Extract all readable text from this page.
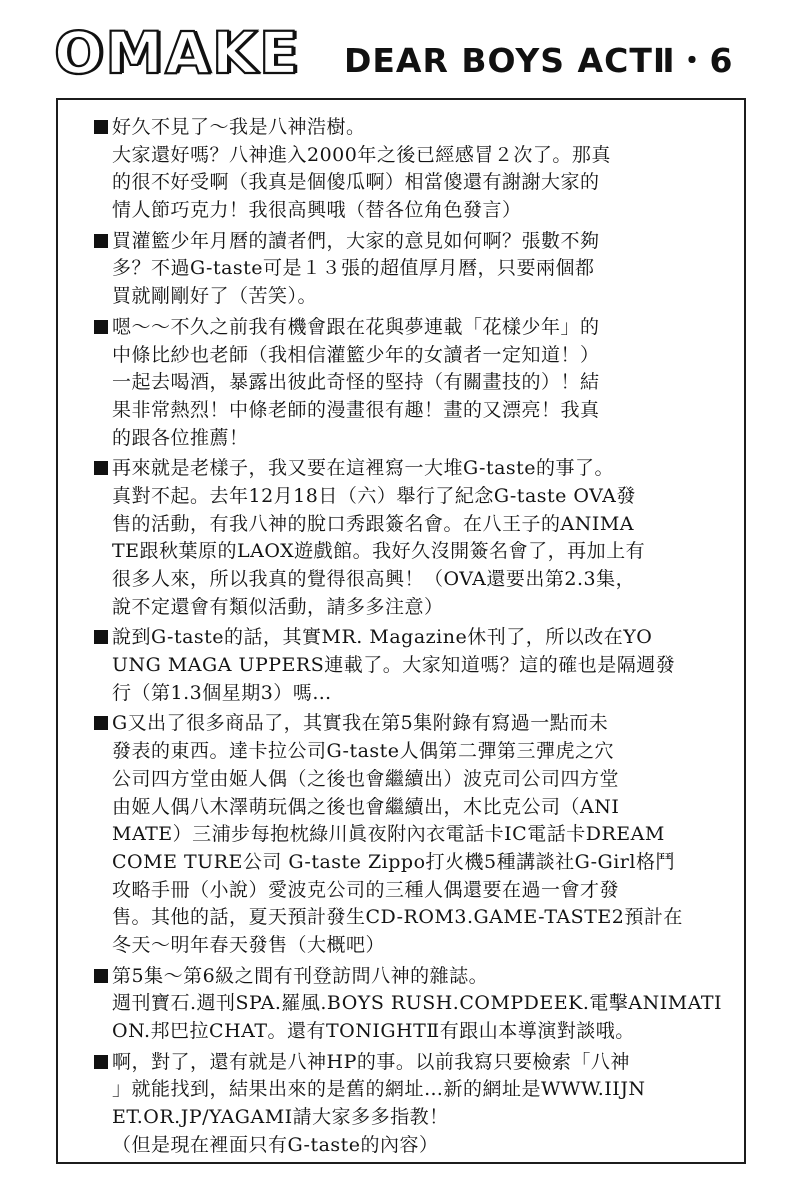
OMAKE DEAR BOYS ACTⅡ・6
好久不見了～我是八神浩樹。
大家還好嗎？八神進入2000年之後已經感冒２次了。那真
的很不好受啊（我真是個傻瓜啊）相當傻還有謝謝大家的
情人節巧克力！我很高興哦（替各位角色發言）
買灌籃少年月曆的讀者們，大家的意見如何啊？張數不夠
多？不過G-taste可是１３張的超值厚月曆，只要兩個都
買就剛剛好了（苦笑）。
嗯～～不久之前我有機會跟在花與夢連載「花樣少年」的
中條比紗也老師（我相信灌籃少年的女讀者一定知道！）
一起去喝酒，暴露出彼此奇怪的堅持（有關畫技的）！結
果非常熱烈！中條老師的漫畫很有趣！畫的又漂亮！我真
的跟各位推薦！
再來就是老樣子，我又要在這裡寫一大堆G-taste的事了。
真對不起。去年12月18日（六）舉行了紀念G-taste OVA發
售的活動，有我八神的脫口秀跟簽名會。在八王子的ANIMA
TE跟秋葉原的LAOX遊戲館。我好久沒開簽名會了，再加上有
很多人來，所以我真的覺得很高興！（OVA還要出第2.3集，
說不定還會有類似活動，請多多注意）
說到G-taste的話，其實MR. Magazine休刊了，所以改在YO
UNG MAGA UPPERS連載了。大家知道嗎？這的確也是隔週發
行（第1.3個星期3）嗎…
G又出了很多商品了，其實我在第5集附錄有寫過一點而未
發表的東西。達卡拉公司G-taste人偶第二彈第三彈虎之穴
公司四方堂由姬人偶（之後也會繼續出）波克司公司四方堂
由姬人偶八木澤萌玩偶之後也會繼續出，木比克公司（ANI
MATE）三浦步每抱枕綠川眞夜附內衣電話卡IC電話卡DREAM
COME TURE公司 G-taste Zippo打火機5種講談社G-Girl格鬥
攻略手冊（小說）愛波克公司的三種人偶還要在過一會才發
售。其他的話，夏天預計發生CD-ROM3.GAME-TASTE2預計在
冬天～明年春天發售（大概吧）
第5集～第6級之間有刊登訪問八神的雜誌。
週刊寶石.週刊SPA.羅風.BOYS RUSH.COMPDEEK.電擊ANIMATI
ON.邦巴拉CHAT。還有TONIGHTⅡ有跟山本導演對談哦。
啊，對了，還有就是八神HP的事。以前我寫只要檢索「八神
」就能找到，結果出來的是舊的網址…新的網址是WWW.IIJN
ET.OR.JP/YAGAMI請大家多多指教！
（但是現在裡面只有G-taste的內容）
